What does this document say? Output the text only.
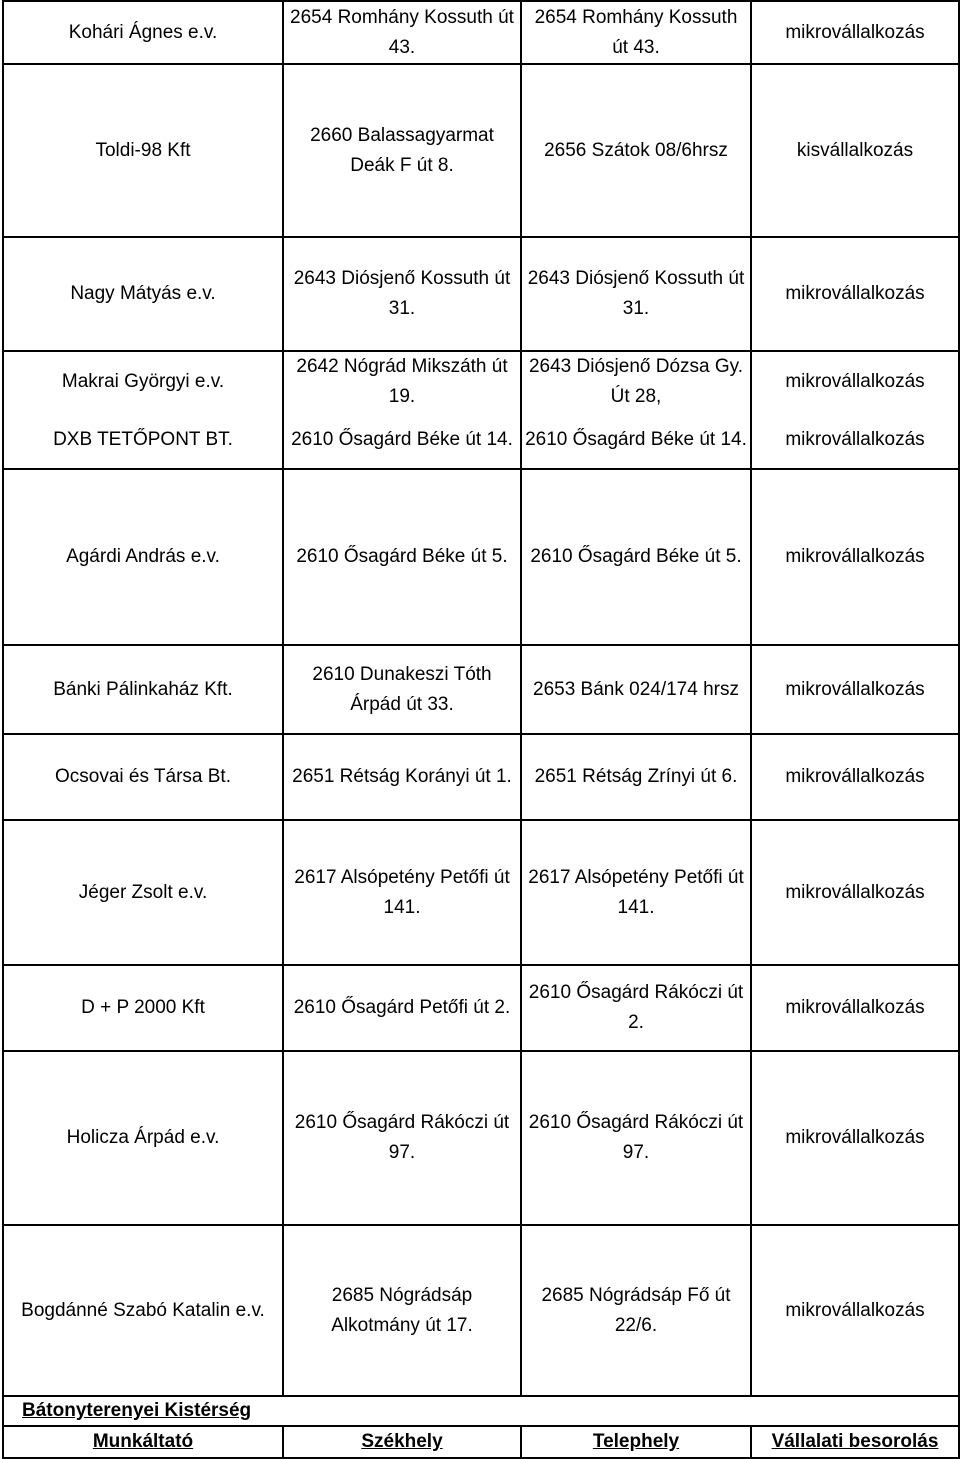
Kohári Ágnes e.v.	2654 Romhány Kossuth út 43.	2654 Romhány Kossuth út 43.	mikrovállalkozás
Toldi-98 Kft	2660 Balassagyarmat Deák F út 8.	2656 Szátok 08/6hrsz	kisvállalkozás
Nagy Mátyás e.v.	2643 Diósjenő Kossuth út 31.	2643 Diósjenő Kossuth út 31.	mikrovállalkozás
Makrai Györgyi e.v.	2642 Nógrád Mikszáth út 19.	2643 Diósjenő Dózsa Gy. Út 28,	mikrovállalkozás
DXB TETŐPONT BT.	2610 Ősagárd Béke út 14.	2610 Ősagárd Béke út 14.	mikrovállalkozás
Agárdi András e.v.	2610 Ősagárd Béke út 5.	2610 Ősagárd Béke út 5.	mikrovállalkozás
Bánki Pálinkaház Kft.	2610 Dunakeszi Tóth Árpád út 33.	2653 Bánk 024/174 hrsz	mikrovállalkozás
Ocsovai és Társa Bt.	2651 Rétság Korányi út 1.	2651 Rétság Zrínyi út 6.	mikrovállalkozás
Jéger Zsolt e.v.	2617 Alsópetény Petőfi út 141.	2617 Alsópetény Petőfi út 141.	mikrovállalkozás
D + P 2000 Kft	2610 Ősagárd Petőfi út 2.	2610 Ősagárd Rákóczi út 2.	mikrovállalkozás
Holicza Árpád e.v.	2610 Ősagárd Rákóczi út 97.	2610 Ősagárd Rákóczi út 97.	mikrovállalkozás
Bogdánné Szabó Katalin e.v.	2685 Nógrádsáp Alkotmány út 17.	2685 Nógrádsáp Fő út 22/6.	mikrovállalkozás
Bátonyterenyei Kistérség			
Munkáltató	Székhely	Telephely	Vállalati besorolás
